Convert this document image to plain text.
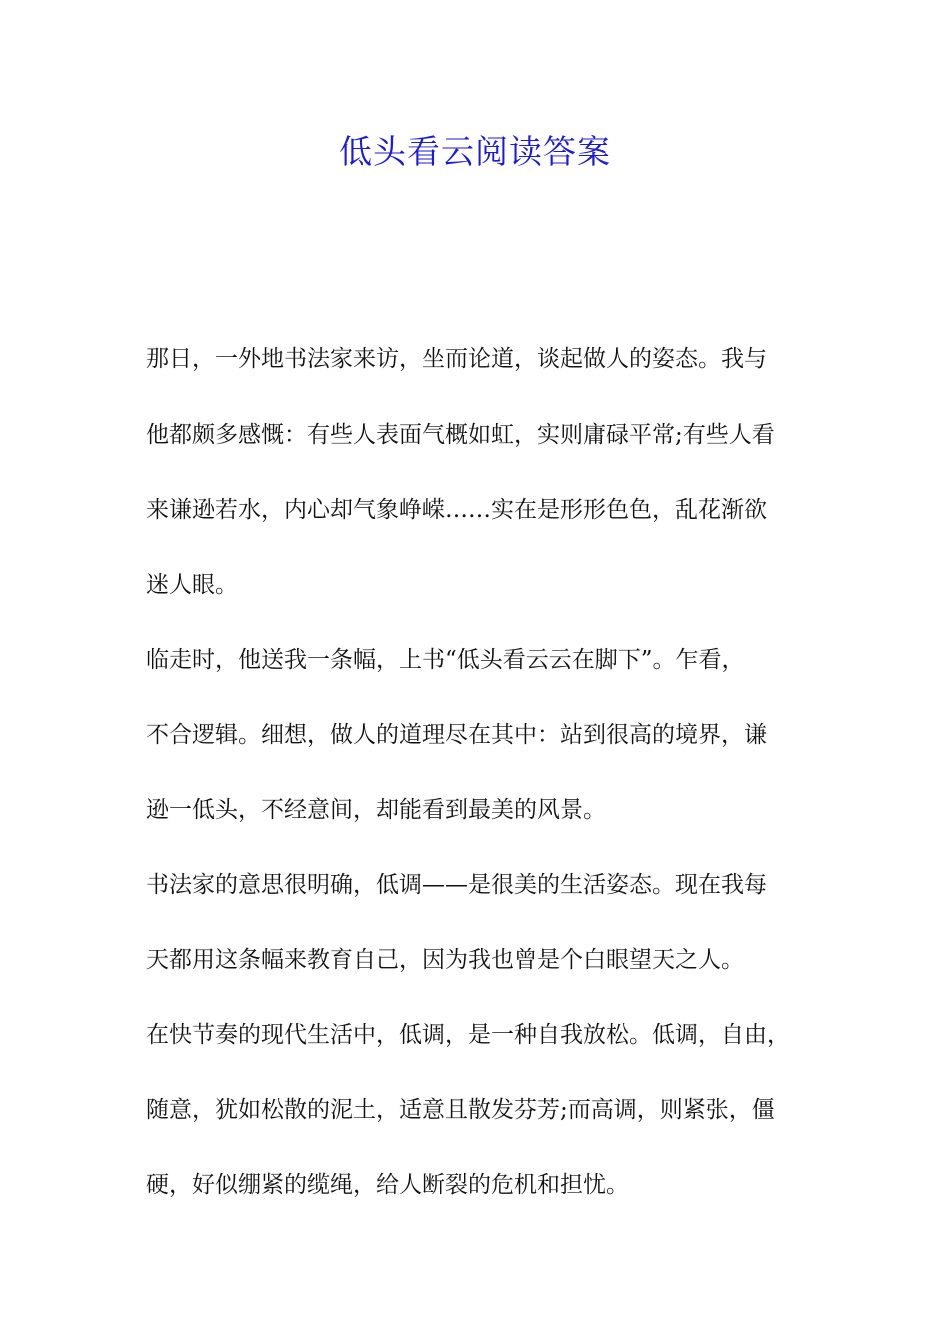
低头看云阅读答案

那日，一外地书法家来访，坐而论道，谈起做人的姿态。我与

他都颇多感慨：有些人表面气概如虹，实则庸碌平常;有些人看

来谦逊若水，内心却气象峥嵘……实在是形形色色，乱花渐欲

迷人眼。

临走时，他送我一条幅，上书“低头看云云在脚下”。乍看，

不合逻辑。细想，做人的道理尽在其中：站到很高的境界，谦

逊一低头，不经意间，却能看到最美的风景。

书法家的意思很明确，低调——是很美的生活姿态。现在我每

天都用这条幅来教育自己，因为我也曾是个白眼望天之人。

在快节奏的现代生活中，低调，是一种自我放松。低调，自由，

随意，犹如松散的泥土，适意且散发芬芳;而高调，则紧张，僵

硬，好似绷紧的缆绳，给人断裂的危机和担忧。
